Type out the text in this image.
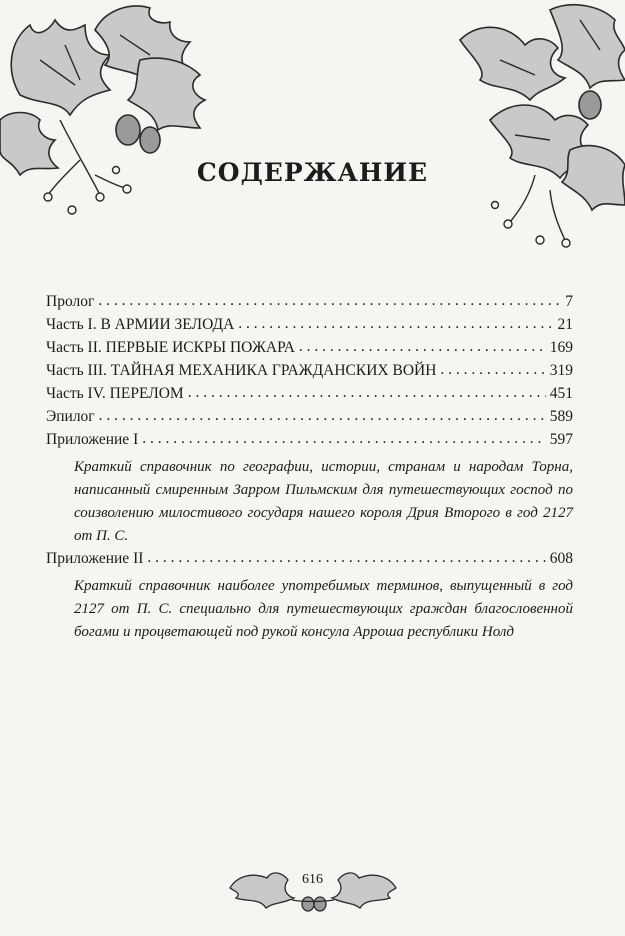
СОДЕРЖАНИЕ
Пролог . . .	7
Часть I. В АРМИИ ЗЕЛОДА . . .	21
Часть II. ПЕРВЫЕ ИСКРЫ ПОЖАРА . . .	169
Часть III. ТАЙНАЯ МЕХАНИКА ГРАЖДАНСКИХ ВОЙН . . .	319
Часть IV. ПЕРЕЛОМ . . .	451
Эпилог . . .	589
Приложение I . . .	597
Краткий справочник по географии, истории, странам и народам Торна, написанный смиренным Зарром Пильмским для путешествующих господ по соизволению милостивого государя нашего короля Дрия Второго в год 2127 от П. С.
Приложение II . . .	608
Краткий справочник наиболее употребимых терминов, выпущенный в год 2127 от П. С. специально для путешествующих граждан благословенной богами и процветающей под рукой консула Арроша республики Нолд
616
